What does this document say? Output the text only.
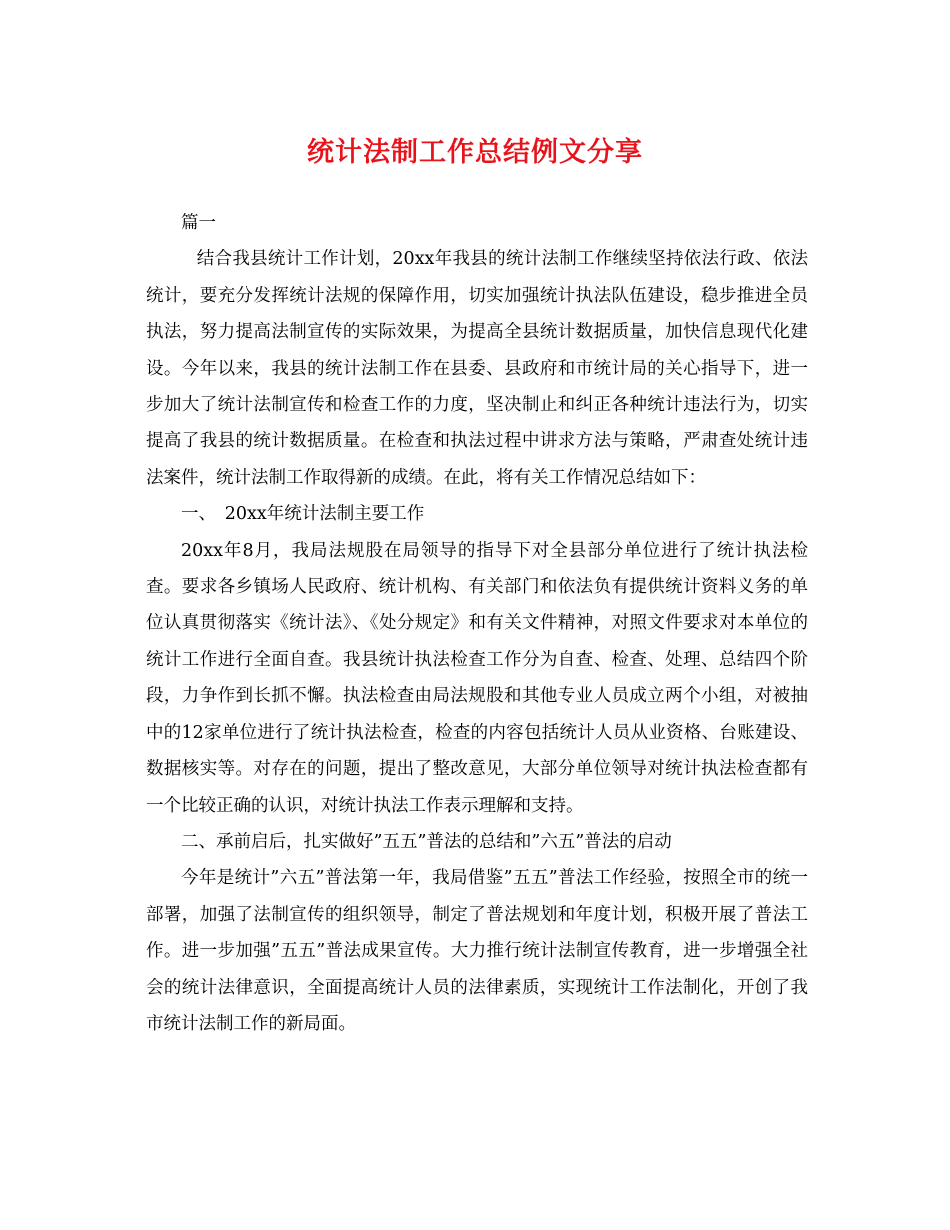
统计法制工作总结例文分享

篇一

结合我县统计工作计划，20xx年我县的统计法制工作继续坚持依法行政、依法统计，要充分发挥统计法规的保障作用，切实加强统计执法队伍建设，稳步推进全员执法，努力提高法制宣传的实际效果，为提高全县统计数据质量，加快信息现代化建设。今年以来，我县的统计法制工作在县委、县政府和市统计局的关心指导下，进一步加大了统计法制宣传和检查工作的力度，坚决制止和纠正各种统计违法行为，切实提高了我县的统计数据质量。在检查和执法过程中讲求方法与策略，严肃查处统计违法案件，统计法制工作取得新的成绩。在此，将有关工作情况总结如下：

一、　20xx年统计法制主要工作

20xx年8月，我局法规股在局领导的指导下对全县部分单位进行了统计执法检查。要求各乡镇场人民政府、统计机构、有关部门和依法负有提供统计资料义务的单位认真贯彻落实《统计法》、《处分规定》和有关文件精神，对照文件要求对本单位的统计工作进行全面自查。我县统计执法检查工作分为自查、检查、处理、总结四个阶段，力争作到长抓不懈。执法检查由局法规股和其他专业人员成立两个小组，对被抽中的12家单位进行了统计执法检查，检查的内容包括统计人员从业资格、台账建设、数据核实等。对存在的问题，提出了整改意见，大部分单位领导对统计执法检查都有一个比较正确的认识，对统计执法工作表示理解和支持。

二、承前启后，扎实做好”五五”普法的总结和”六五”普法的启动

今年是统计”六五”普法第一年，我局借鉴”五五”普法工作经验，按照全市的统一部署，加强了法制宣传的组织领导，制定了普法规划和年度计划，积极开展了普法工作。进一步加强”五五”普法成果宣传。大力推行统计法制宣传教育，进一步增强全社会的统计法律意识，全面提高统计人员的法律素质，实现统计工作法制化，开创了我市统计法制工作的新局面。
